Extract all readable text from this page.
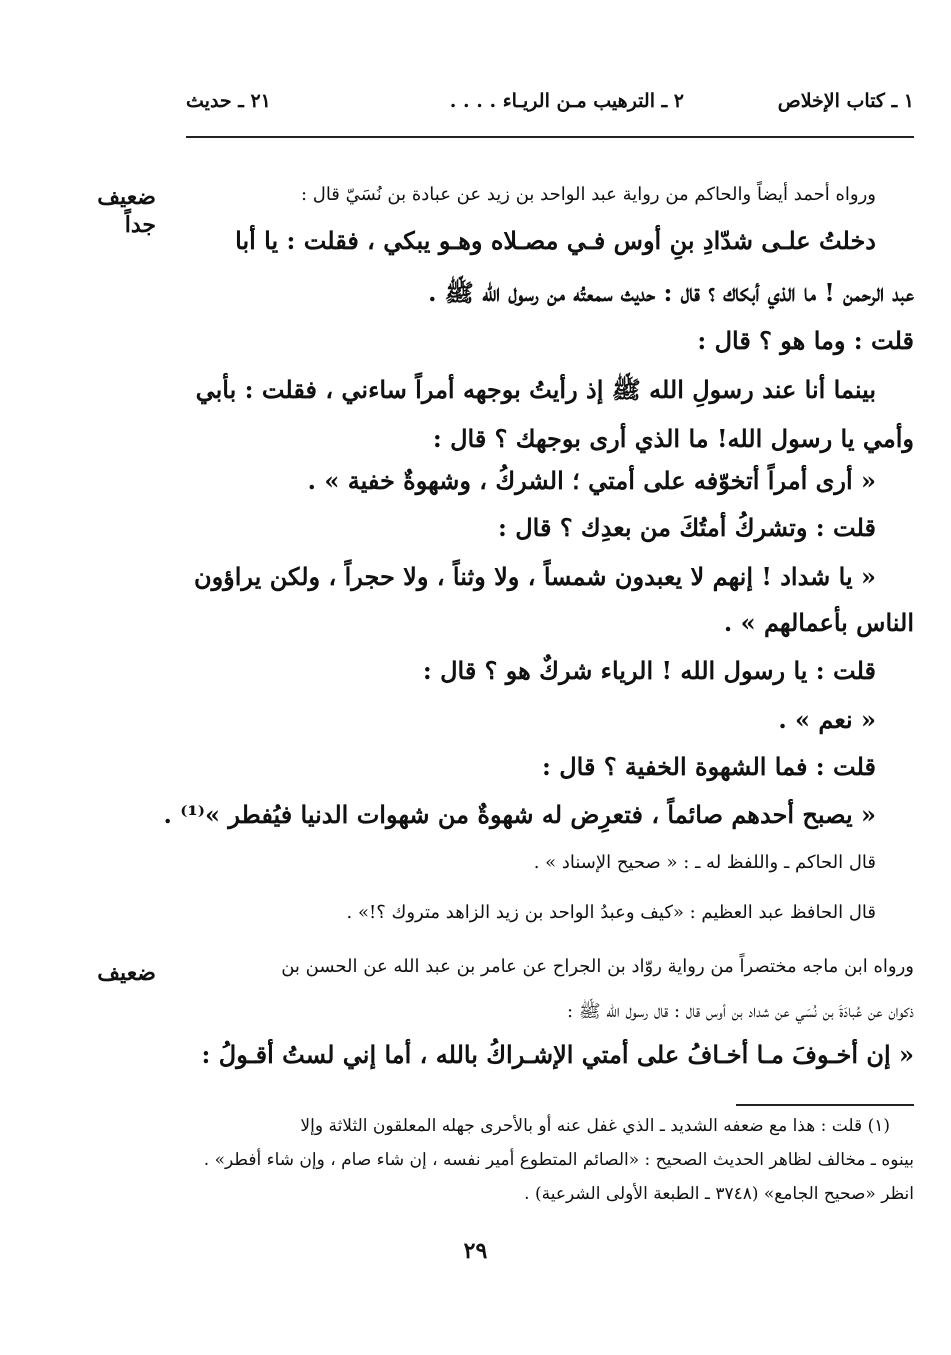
١ ـ كتاب الإخلاص
٢ ـ الترهيب مـن الريـاء . . . .
٢١ ـ حديث
ضعيف
جداً
ضعيف
ورواه أحمد أيضاً والحاكم من رواية عبد الواحد بن زيد عن عبادة بن نُسَيّ قال :
دخلتُ علـى شدّادِ بنِ أوس فـي مصـلاه وهـو يبكي ، فقلت : يا أبا
عبد الرحمن ! ما الذي أبكاك ؟ قال : حديث سمعتُه من رسول الله ﷺ .
قلت : وما هو ؟ قال :
بينما أنا عند رسولِ الله ﷺ إذ رأيتُ بوجهه أمراً ساءني ، فقلت : بأبي
وأمي يا رسول الله! ما الذي أرى بوجهك ؟ قال :
« أرى أمراً أتخوّفه على أمتي ؛ الشركُ ، وشهوةٌ خفية » .
قلت : وتشركُ أمتُكَ من بعدِك ؟ قال :
« يا شداد ! إنهم لا يعبدون شمساً ، ولا وثناً ، ولا حجراً ، ولكن يراؤون
الناس بأعمالهم » .
قلت : يا رسول الله ! الرياء شركٌ هو ؟ قال :
« نعم » .
قلت : فما الشهوة الخفية ؟ قال :
« يصبح أحدهم صائماً ، فتعرِض له شهوةٌ من شهوات الدنيا فيُفطر »⁽¹⁾ .
قال الحاكم ـ واللفظ له ـ : « صحيح الإسناد » .
قال الحافظ عبد العظيم : «كيف وعبدُ الواحد بن زيد الزاهد متروك ؟!» .
ورواه ابن ماجه مختصراً من رواية روّاد بن الجراح عن عامر بن عبد الله عن الحسن بن
ذكوان عن عُبادَةَ بن نُسَي عن شداد بن أوس قال : قال رسول الله ﷺ :
« إن أخـوفَ مـا أخـافُ على أمتي الإشـراكُ بالله ، أما إني لستُ أقـولُ :
(١) قلت : هذا مع ضعفه الشديد ـ الذي غفل عنه أو بالأحرى جهله المعلقون الثلاثة وإلا
بينوه ـ مخالف لظاهر الحديث الصحيح : «الصائم المتطوع أمير نفسه ، إن شاء صام ، وإن شاء أفطر» .
انظر «صحيح الجامع» (٣٧٤٨ ـ الطبعة الأولى الشرعية) .
٢٩
